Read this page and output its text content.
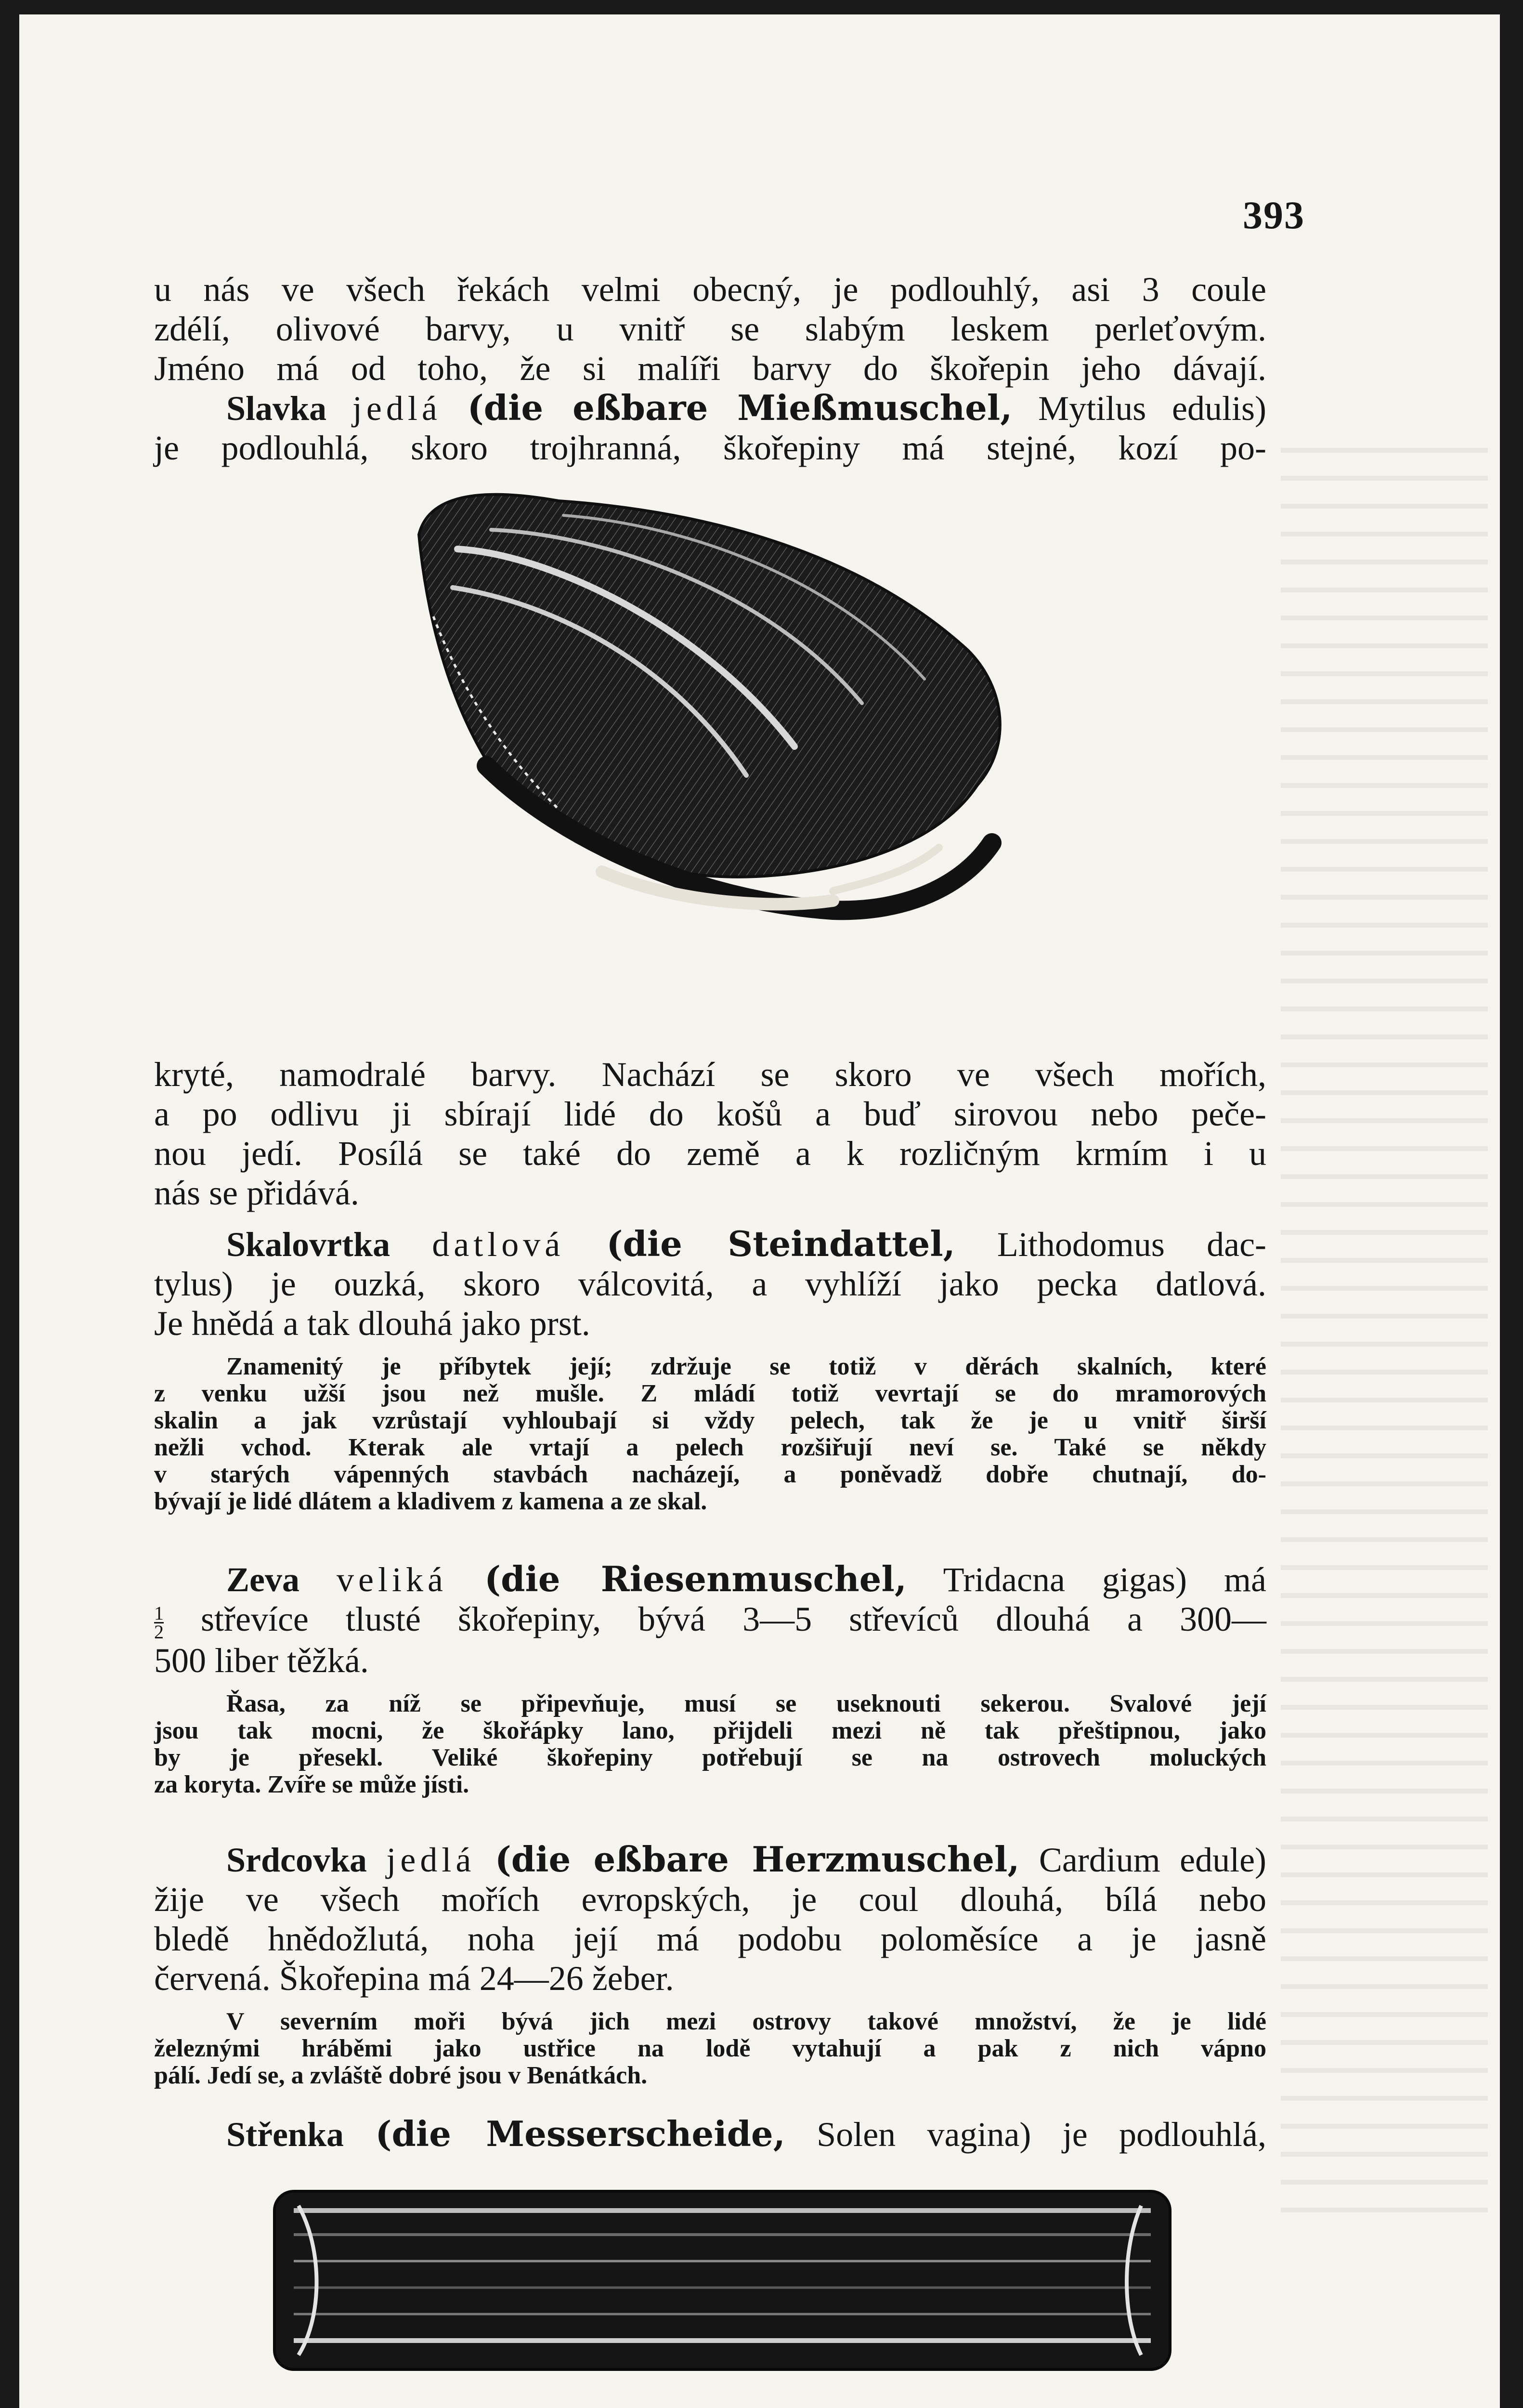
393
u nás ve všech řekách velmi obecný, je podlouhlý, asi 3 coule
zdélí, olivové barvy, u vnitř se slabým leskem perleťovým.
Jméno má od toho, že si malíři barvy do škořepin jeho dávají.
Slavka jedlá (die eßbare Mießmuschel, Mytilus edulis)
je podlouhlá, skoro trojhranná, škořepiny má stejné, kozí po-
kryté, namodralé barvy. Nachází se skoro ve všech mořích,
a po odlivu ji sbírají lidé do košů a buď sirovou nebo peče-
nou jedí. Posílá se také do země a k rozličným krmím i u
nás se přidává.
Skalovrtka datlová (die Steindattel, Lithodomus dac-
tylus) je ouzká, skoro válcovitá, a vyhlíží jako pecka datlová.
Je hnědá a tak dlouhá jako prst.
Znamenitý je příbytek její; zdržuje se totiž v děrách skalních, které
z venku užší jsou než mušle. Z mládí totiž vevrtají se do mramorových
skalin a jak vzrůstají vyhloubají si vždy pelech, tak že je u vnitř širší
nežli vchod. Kterak ale vrtají a pelech rozšiřují neví se. Také se někdy
v starých vápenných stavbách nacházejí, a poněvadž dobře chutnají, do-
bývají je lidé dlátem a kladivem z kamena a ze skal.
Zeva veliká (die Riesenmuschel, Tridacna gigas) má
$\frac{1}{2}$ střevíce tlusté škořepiny, bývá 3—5 střevíců dlouhá a 300—
500 liber těžká.
Řasa, za níž se připevňuje, musí se useknouti sekerou. Svalové její
jsou tak mocni, že škořápky lano, přijdeli mezi ně tak přeštipnou, jako
by je přesekl. Veliké škořepiny potřebují se na ostrovech moluckých
za koryta. Zvíře se může jísti.
Srdcovka jedlá (die eßbare Herzmuschel, Cardium edule)
žije ve všech mořích evropských, je coul dlouhá, bílá nebo
bledě hnědožlutá, noha její má podobu poloměsíce a je jasně
červená. Škořepina má 24—26 žeber.
V severním moři bývá jich mezi ostrovy takové množství, že je lidé
železnými hráběmi jako ustřice na lodě vytahují a pak z nich vápno
pálí. Jedí se, a zvláště dobré jsou v Benátkách.
Střenka (die Messerscheide, Solen vagina) je podlouhlá,
